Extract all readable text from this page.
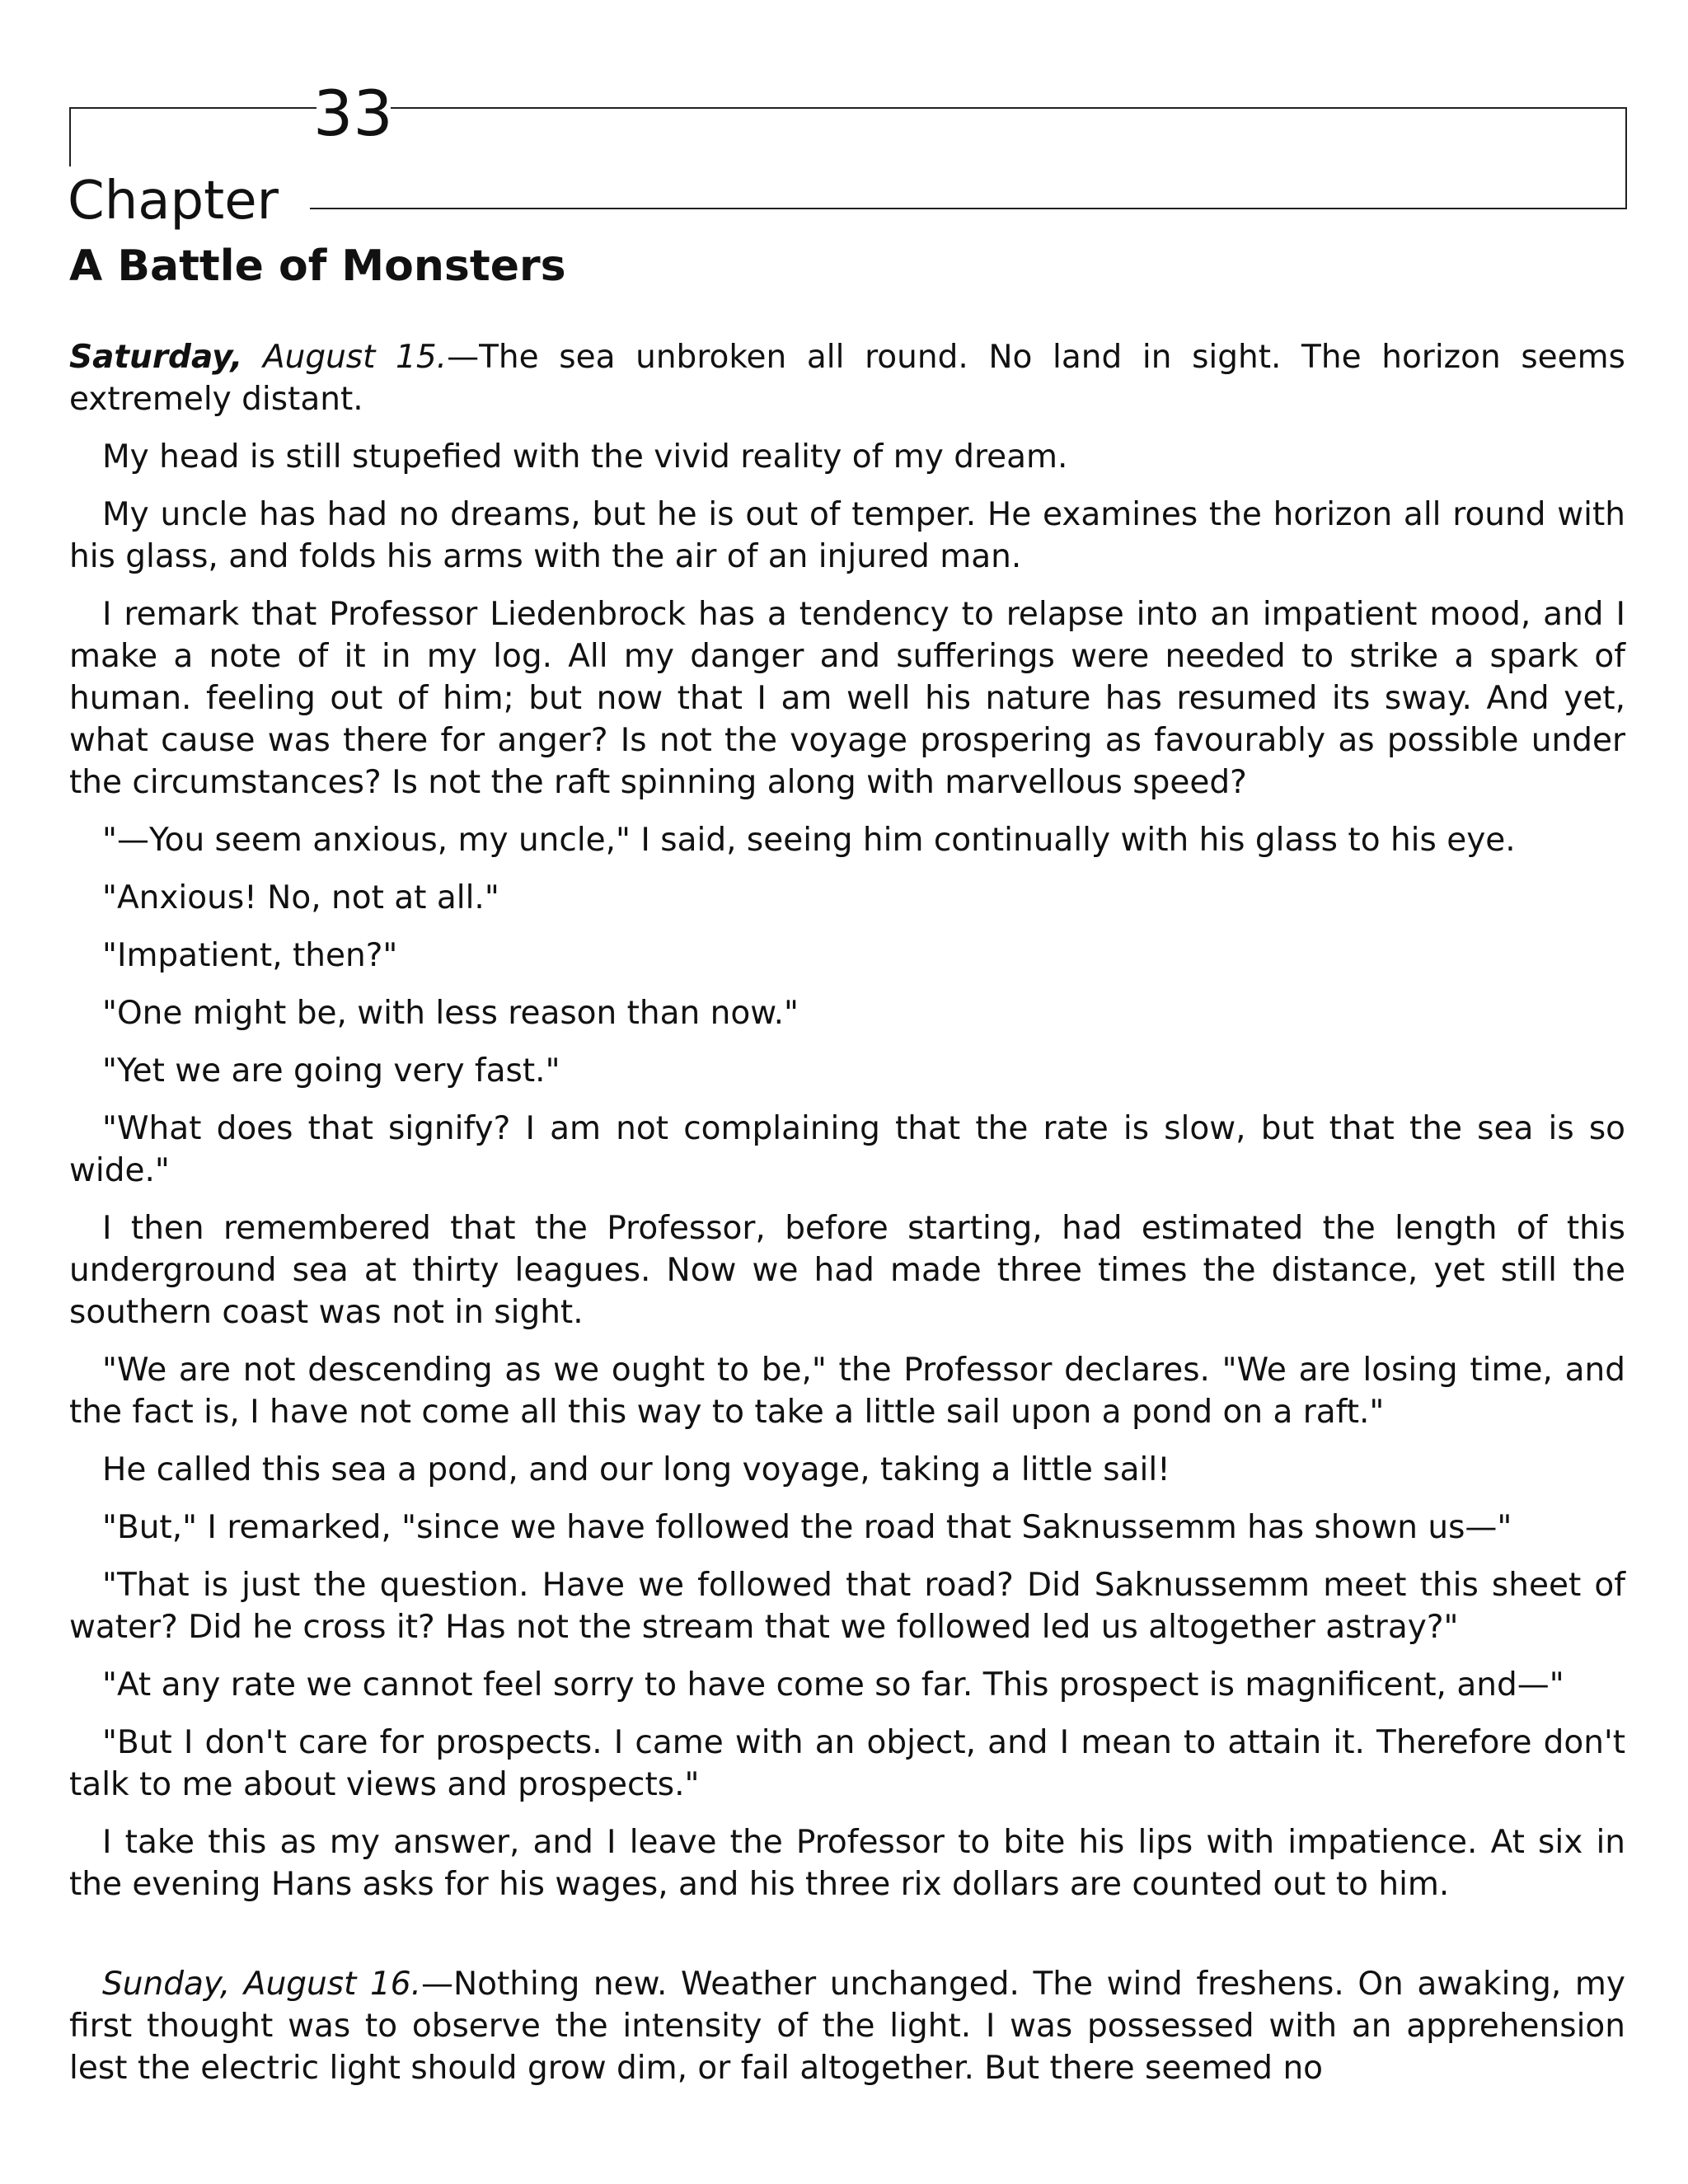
33
Chapter
A Battle of Monsters

Saturday, August 15.—The sea unbroken all round. No land in sight. The horizon seems extremely distant.

My head is still stupefied with the vivid reality of my dream.

My uncle has had no dreams, but he is out of temper. He examines the horizon all round with his glass, and folds his arms with the air of an injured man.

I remark that Professor Liedenbrock has a tendency to relapse into an impatient mood, and I make a note of it in my log. All my danger and sufferings were needed to strike a spark of human. feeling out of him; but now that I am well his nature has resumed its sway. And yet, what cause was there for anger? Is not the voyage prospering as favourably as possible under the circumstances? Is not the raft spinning along with marvellous speed?

"—You seem anxious, my uncle," I said, seeing him continually with his glass to his eye.

"Anxious! No, not at all."

"Impatient, then?"

"One might be, with less reason than now."

"Yet we are going very fast."

"What does that signify? I am not complaining that the rate is slow, but that the sea is so wide."

I then remembered that the Professor, before starting, had estimated the length of this underground sea at thirty leagues. Now we had made three times the distance, yet still the southern coast was not in sight.

"We are not descending as we ought to be," the Professor declares. "We are losing time, and the fact is, I have not come all this way to take a little sail upon a pond on a raft."

He called this sea a pond, and our long voyage, taking a little sail!

"But," I remarked, "since we have followed the road that Saknussemm has shown us—"

"That is just the question. Have we followed that road? Did Saknussemm meet this sheet of water? Did he cross it? Has not the stream that we followed led us altogether astray?"

"At any rate we cannot feel sorry to have come so far. This prospect is magnificent, and—"

"But I don't care for prospects. I came with an object, and I mean to attain it. Therefore don't talk to me about views and prospects."

I take this as my answer, and I leave the Professor to bite his lips with impatience. At six in the evening Hans asks for his wages, and his three rix dollars are counted out to him.

Sunday, August 16.—Nothing new. Weather unchanged. The wind freshens. On awaking, my first thought was to observe the intensity of the light. I was possessed with an apprehension lest the electric light should grow dim, or fail altogether. But there seemed no
